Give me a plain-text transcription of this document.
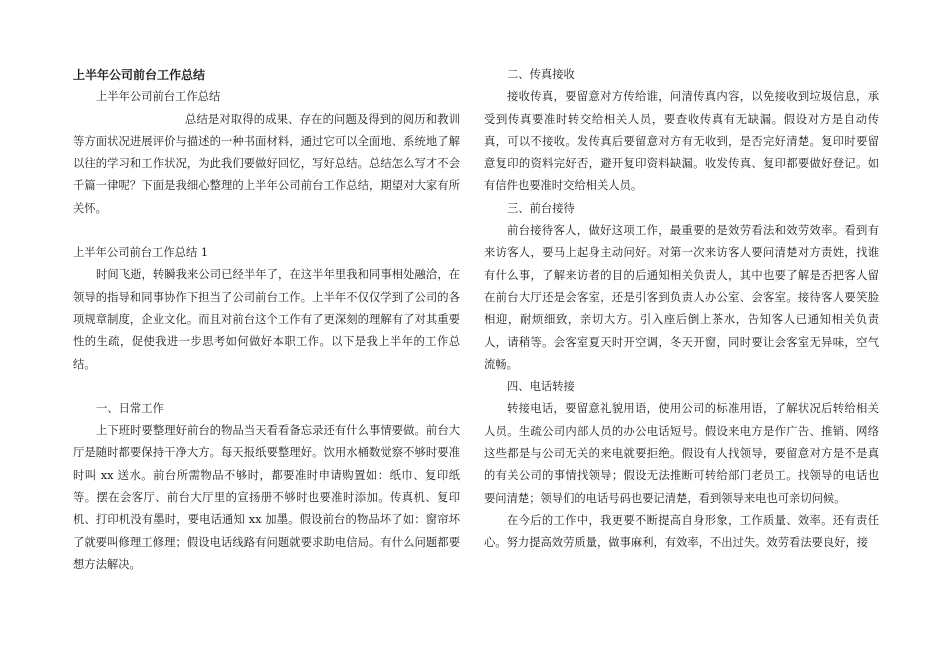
上半年公司前台工作总结

上半年公司前台工作总结

总结是对取得的成果、存在的问题及得到的阅历和教训等方面状况进展评价与描述的一种书面材料，通过它可以全面地、系统地了解以往的学习和工作状况，为此我们要做好回忆，写好总结。总结怎么写才不会千篇一律呢？下面是我细心整理的上半年公司前台工作总结，期望对大家有所关怀。

上半年公司前台工作总结 1

时间飞逝，转瞬我来公司已经半年了，在这半年里我和同事相处融洽，在领导的指导和同事协作下担当了公司前台工作。上半年不仅仅学到了公司的各项规章制度，企业文化。而且对前台这个工作有了更深刻的理解有了对其重要性的生疏，促使我进一步思考如何做好本职工作。以下是我上半年的工作总结。

一、日常工作

上下班时要整理好前台的物品当天看看备忘录还有什么事情要做。前台大厅是随时都要保持干净大方。每天报纸要整理好。饮用水桶数觉察不够时要准时叫 xx 送水。前台所需物品不够时，都要准时申请购置如：纸巾、复印纸等。摆在会客厅、前台大厅里的宣扬册不够时也要准时添加。传真机、复印机、打印机没有墨时，要电话通知 xx 加墨。假设前台的物品坏了如：窗帘坏了就要叫修理工修理；假设电话线路有问题就要求助电信局。有什么问题都要想方法解决。

二、传真接收

接收传真，要留意对方传给谁，问清传真内容，以免接收到垃圾信息，承受到传真要准时转交给相关人员，要查收传真有无缺漏。假设对方是自动传真，可以不接收。发传真后要留意对方有无收到，是否完好清楚。复印时要留意复印的资料完好否，避开复印资料缺漏。收发传真、复印都要做好登记。如有信件也要准时交给相关人员。

三、前台接待

前台接待客人，做好这项工作，最重要的是效劳看法和效劳效率。看到有来访客人，要马上起身主动问好。对第一次来访客人要问清楚对方责姓，找谁有什么事，了解来访者的目的后通知相关负责人，其中也要了解是否把客人留在前台大厅还是会客室，还是引客到负责人办公室、会客室。接待客人要笑脸相迎，耐烦细致，亲切大方。引入座后倒上茶水，告知客人已通知相关负责人，请稍等。会客室夏天时开空调，冬天开窗，同时要让会客室无异味，空气流畅。

四、电话转接

转接电话，要留意礼貌用语，使用公司的标准用语，了解状况后转给相关人员。生疏公司内部人员的办公电话短号。假设来电方是作广告、推销、网络这些都是与公司无关的来电就要拒绝。假设有人找领导，要留意对方是不是真的有关公司的事情找领导；假设无法推断可转给部门老员工。找领导的电话也要问清楚；领导们的电话号码也要记清楚，看到领导来电也可亲切问候。

在今后的工作中，我更要不断提高自身形象，工作质量、效率。还有责任心。努力提高效劳质量，做事麻利，有效率，不出过失。效劳看法要良好，接
